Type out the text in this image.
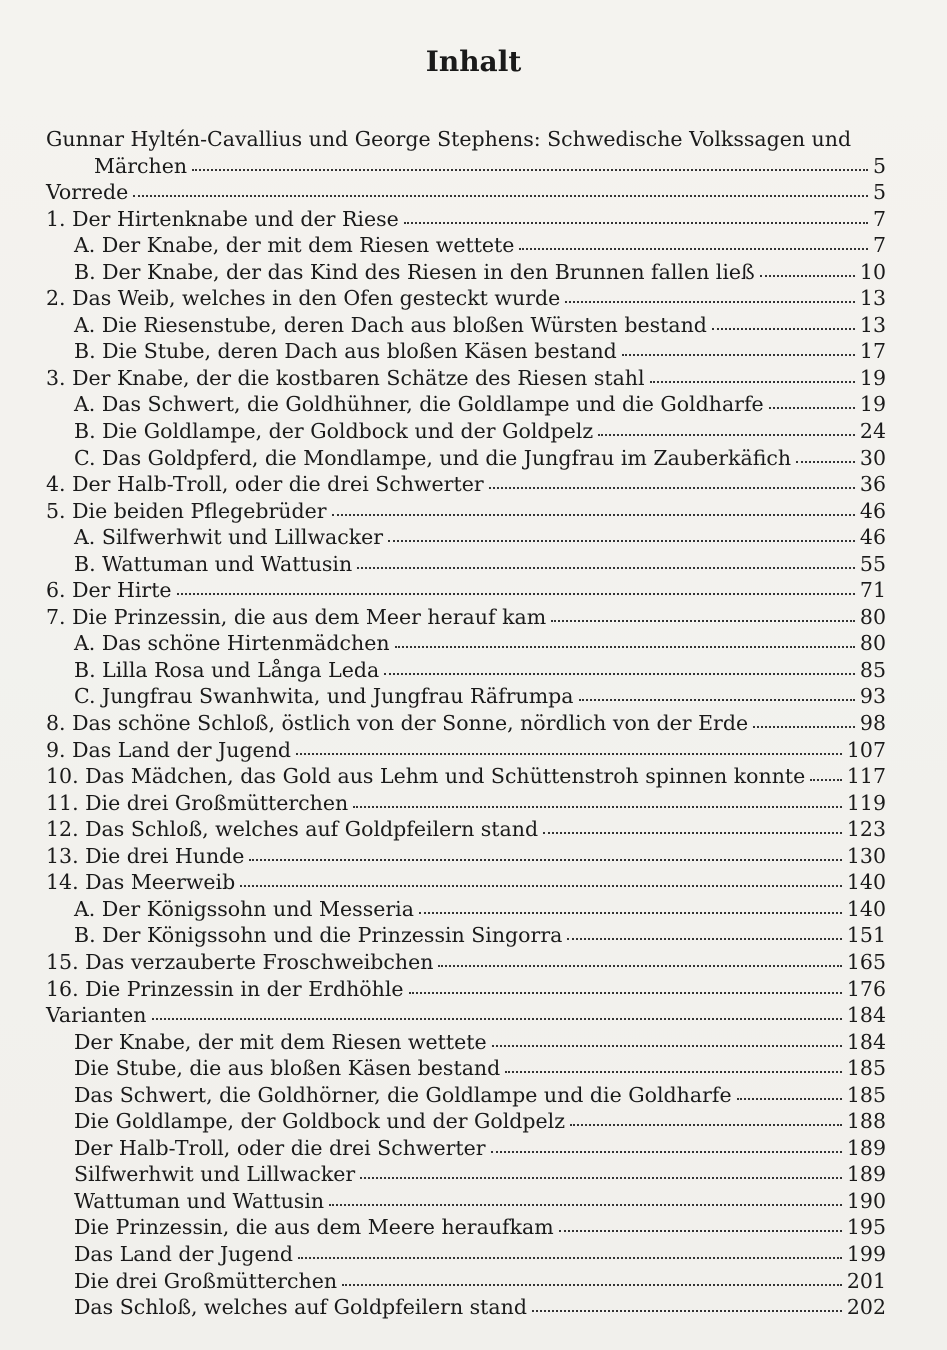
Inhalt
Gunnar Hyltén-Cavallius und George Stephens: Schwedische Volkssagen und
Märchen	5
Vorrede	5
1. Der Hirtenknabe und der Riese	7
A. Der Knabe, der mit dem Riesen wettete	7
B. Der Knabe, der das Kind des Riesen in den Brunnen fallen ließ	10
2. Das Weib, welches in den Ofen gesteckt wurde	13
A. Die Riesenstube, deren Dach aus bloßen Würsten bestand	13
B. Die Stube, deren Dach aus bloßen Käsen bestand	17
3. Der Knabe, der die kostbaren Schätze des Riesen stahl	19
A. Das Schwert, die Goldhühner, die Goldlampe und die Goldharfe	19
B. Die Goldlampe, der Goldbock und der Goldpelz	24
C. Das Goldpferd, die Mondlampe, und die Jungfrau im Zauberkäfich	30
4. Der Halb-Troll, oder die drei Schwerter	36
5. Die beiden Pflegebrüder	46
A. Silfwerhwit und Lillwacker	46
B. Wattuman und Wattusin	55
6. Der Hirte	71
7. Die Prinzessin, die aus dem Meer herauf kam	80
A. Das schöne Hirtenmädchen	80
B. Lilla Rosa und Långa Leda	85
C. Jungfrau Swanhwita, und Jungfrau Räfrumpa	93
8. Das schöne Schloß, östlich von der Sonne, nördlich von der Erde	98
9. Das Land der Jugend	107
10. Das Mädchen, das Gold aus Lehm und Schüttenstroh spinnen konnte 117
11. Die drei Großmütterchen	119
12. Das Schloß, welches auf Goldpfeilern stand	123
13. Die drei Hunde	130
14. Das Meerweib	140
A. Der Königssohn und Messeria	140
B. Der Königssohn und die Prinzessin Singorra	151
15. Das verzauberte Froschweibchen	165
16. Die Prinzessin in der Erdhöhle	176
Varianten	184
Der Knabe, der mit dem Riesen wettete	184
Die Stube, die aus bloßen Käsen bestand	185
Das Schwert, die Goldhörner, die Goldlampe und die Goldharfe	185
Die Goldlampe, der Goldbock und der Goldpelz	188
Der Halb-Troll, oder die drei Schwerter	189
Silfwerhwit und Lillwacker	189
Wattuman und Wattusin	190
Die Prinzessin, die aus dem Meere heraufkam	195
Das Land der Jugend	199
Die drei Großmütterchen	201
Das Schloß, welches auf Goldpfeilern stand	202
